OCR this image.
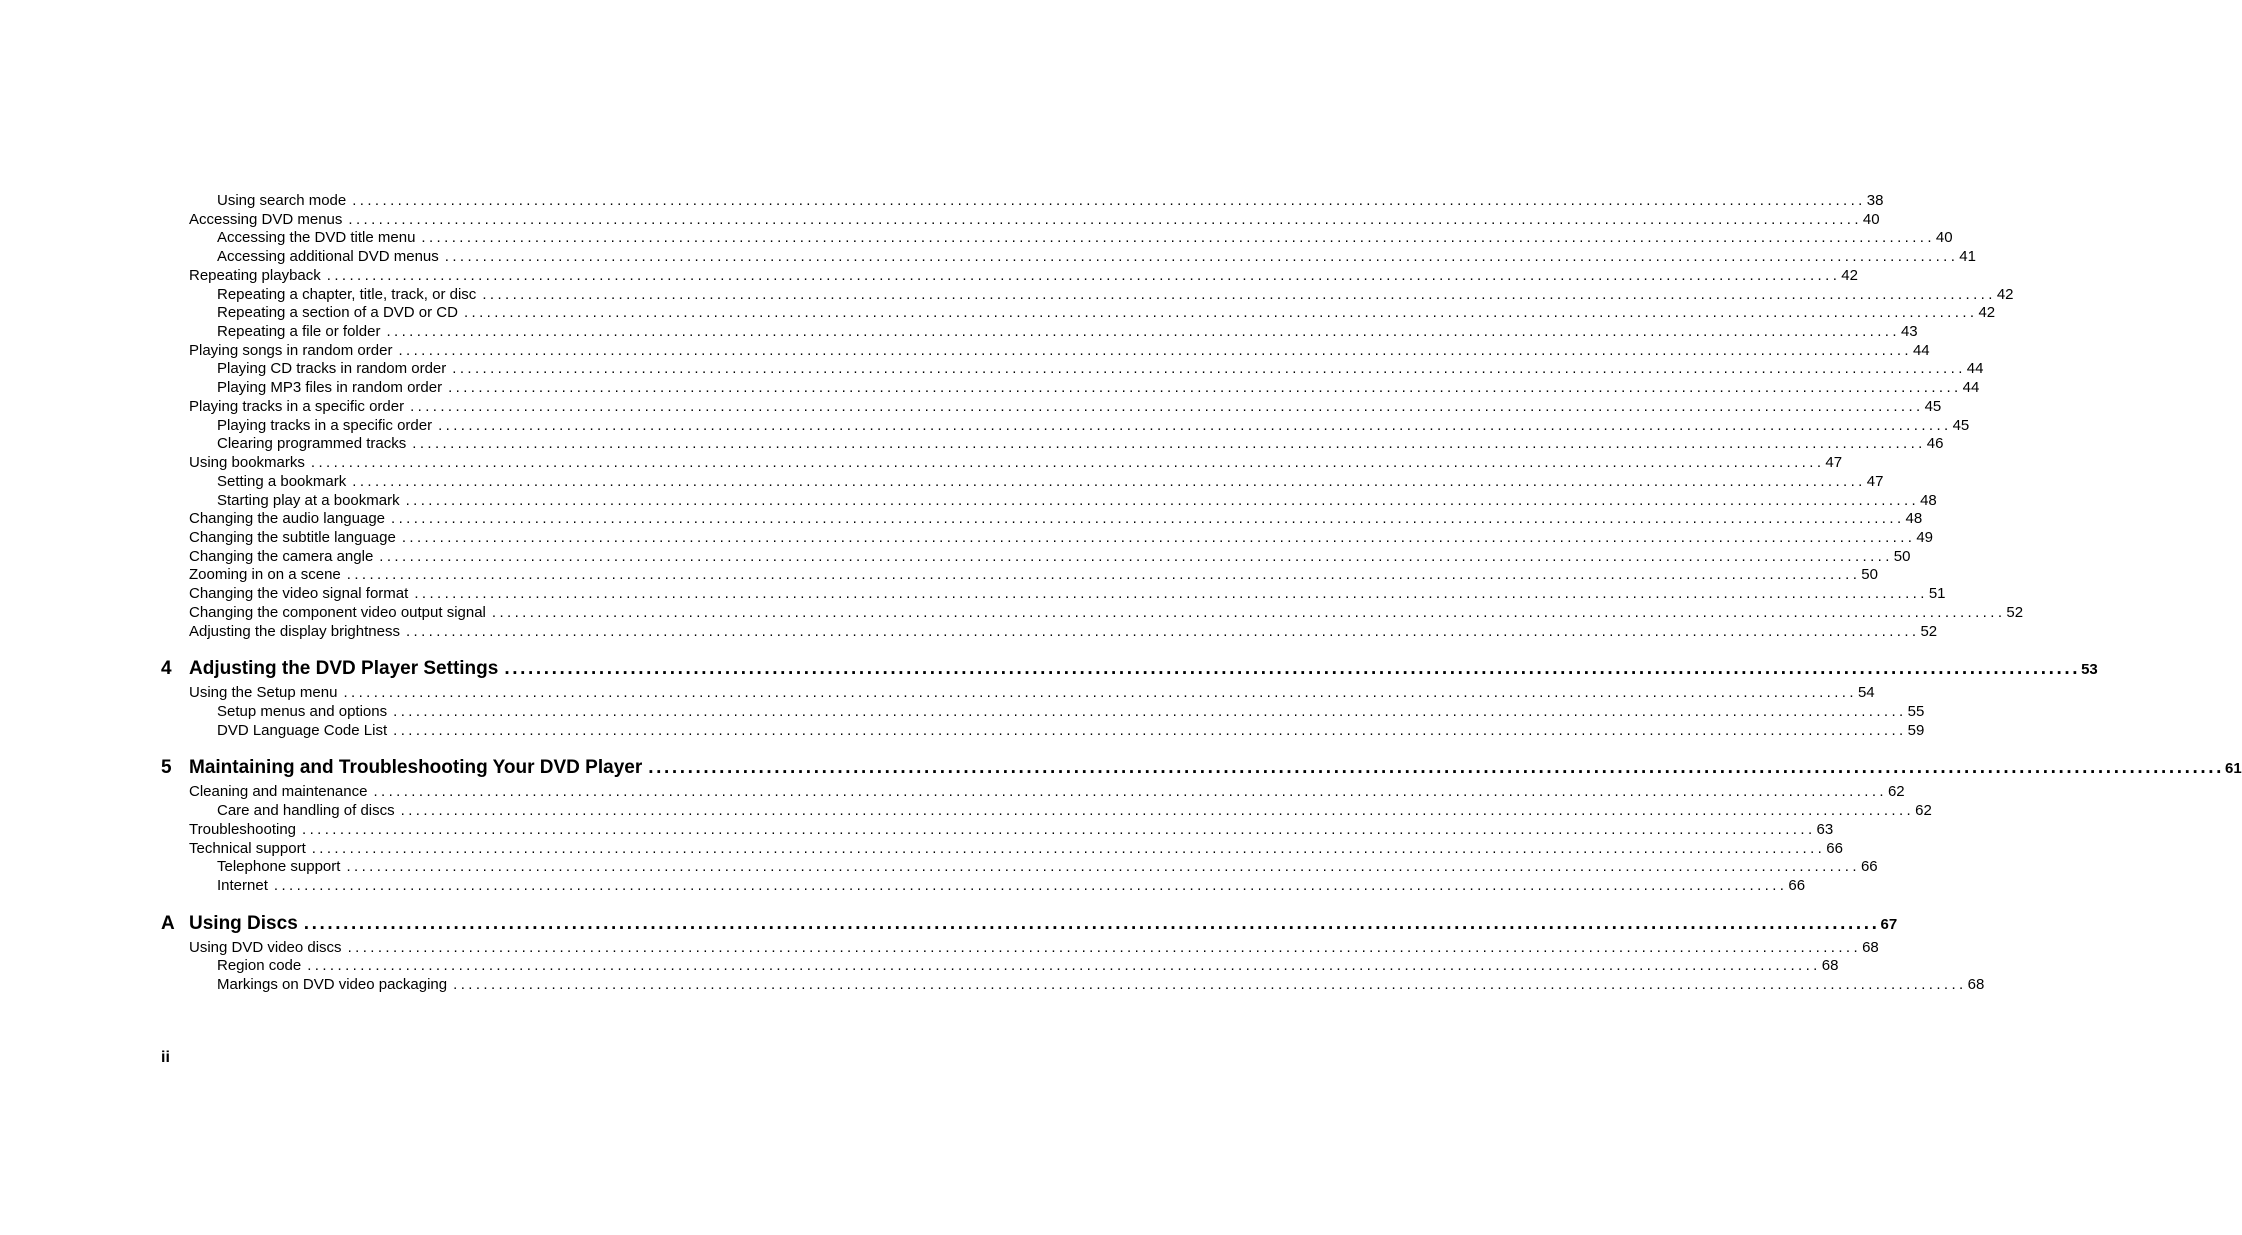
Using search mode ........................................................................................................................................................................................................ 38
Accessing DVD menus ........................................................................................................................................................................................................ 40
Accessing the DVD title menu ........................................................................................................................................................................................................ 40
Accessing additional DVD menus ........................................................................................................................................................................................................ 41
Repeating playback ........................................................................................................................................................................................................ 42
Repeating a chapter, title, track, or disc ........................................................................................................................................................................................................ 42
Repeating a section of a DVD or CD ........................................................................................................................................................................................................ 42
Repeating a file or folder ........................................................................................................................................................................................................ 43
Playing songs in random order ........................................................................................................................................................................................................ 44
Playing CD tracks in random order ........................................................................................................................................................................................................ 44
Playing MP3 files in random order ........................................................................................................................................................................................................ 44
Playing tracks in a specific order ........................................................................................................................................................................................................ 45
Playing tracks in a specific order ........................................................................................................................................................................................................ 45
Clearing programmed tracks ........................................................................................................................................................................................................ 46
Using bookmarks ........................................................................................................................................................................................................ 47
Setting a bookmark ........................................................................................................................................................................................................ 47
Starting play at a bookmark ........................................................................................................................................................................................................ 48
Changing the audio language ........................................................................................................................................................................................................ 48
Changing the subtitle language ........................................................................................................................................................................................................ 49
Changing the camera angle ........................................................................................................................................................................................................ 50
Zooming in on a scene ........................................................................................................................................................................................................ 50
Changing the video signal format ........................................................................................................................................................................................................ 51
Changing the component video output signal ........................................................................................................................................................................................................ 52
Adjusting the display brightness ........................................................................................................................................................................................................ 52
4 Adjusting the DVD Player Settings ........................................................................................................................................................................................................ 53
Using the Setup menu ........................................................................................................................................................................................................ 54
Setup menus and options ........................................................................................................................................................................................................ 55
DVD Language Code List ........................................................................................................................................................................................................ 59
5 Maintaining and Troubleshooting Your DVD Player ........................................................................................................................................................................................................ 61
Cleaning and maintenance ........................................................................................................................................................................................................ 62
Care and handling of discs ........................................................................................................................................................................................................ 62
Troubleshooting ........................................................................................................................................................................................................ 63
Technical support ........................................................................................................................................................................................................ 66
Telephone support ........................................................................................................................................................................................................ 66
Internet ........................................................................................................................................................................................................ 66
A Using Discs ........................................................................................................................................................................................................ 67
Using DVD video discs ........................................................................................................................................................................................................ 68
Region code ........................................................................................................................................................................................................ 68
Markings on DVD video packaging ........................................................................................................................................................................................................ 68
ii
